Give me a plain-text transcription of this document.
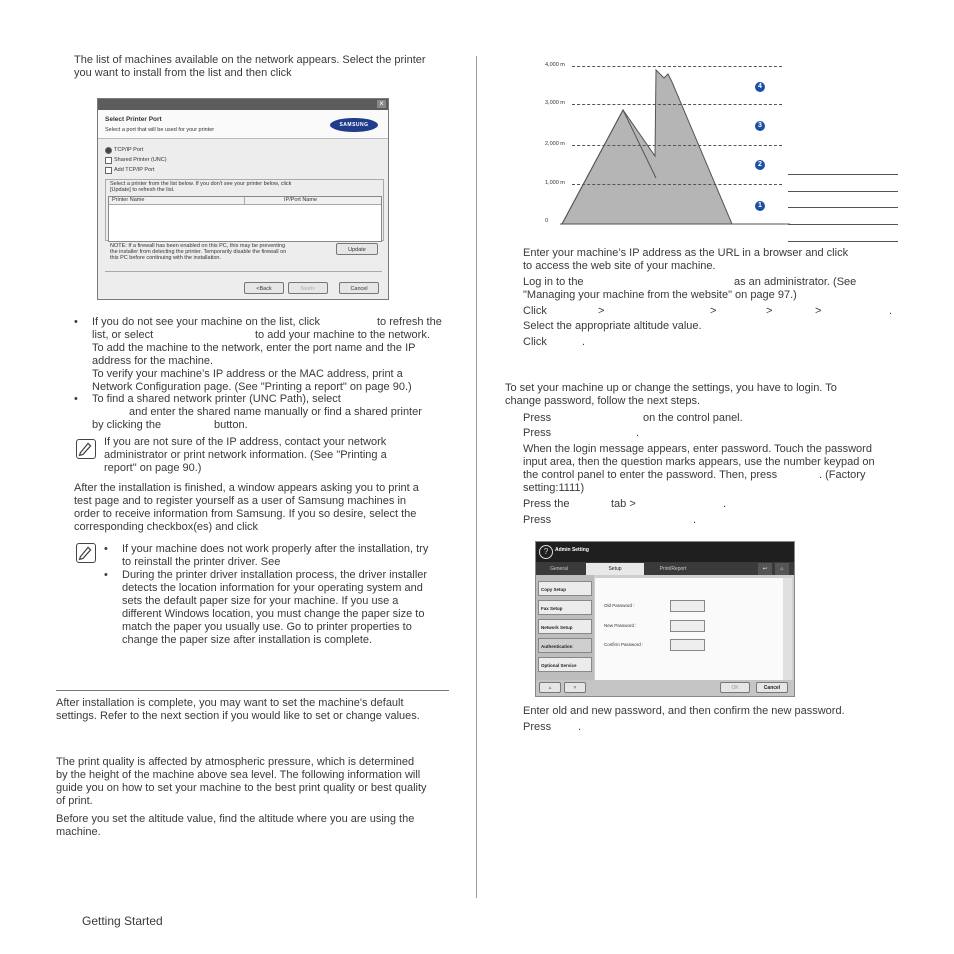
The list of machines available on the network appears. Select the printer
you want to install from the list and then click
×
Select Printer Port
Select a port that will be used for your printer
SAMSUNG
TCP/IP Port
Shared Printer (UNC)
Add TCP/IP Port
Select a printer from the list below. If you don't see your printer below, click
[Update] to refresh the list.
Printer Name	IP/Port Name
NOTE: If a firewall has been enabled on this PC, this may be preventing
the installer from detecting the printer. Temporarily disable the firewall on
this PC before continuing with the installation.
Update
<Back	Next>	Cancel
• If you do not see your machine on the list, click	to refresh the
list, or select	to add your machine to the network.
To add the machine to the network, enter the port name and the IP
address for the machine.
To verify your machine’s IP address or the MAC address, print a
Network Configuration page. (See "Printing a report" on page 90.)
• To find a shared network printer (UNC Path), select
and enter the shared name manually or find a shared printer
by clicking the	button.
If you are not sure of the IP address, contact your network
administrator or print network information. (See "Printing a
report" on page 90.)
After the installation is finished, a window appears asking you to print a
test page and to register yourself as a user of Samsung machines in
order to receive information from Samsung. If you so desire, select the
corresponding checkbox(es) and click
• If your machine does not work properly after the installation, try
to reinstall the printer driver. See
• During the printer driver installation process, the driver installer
detects the location information for your operating system and
sets the default paper size for your machine. If you use a
different Windows location, you must change the paper size to
match the paper you usually use. Go to printer properties to
change the paper size after installation is complete.
After installation is complete, you may want to set the machine's default
settings. Refer to the next section if you would like to set or change values.
The print quality is affected by atmospheric pressure, which is determined
by the height of the machine above sea level. The following information will
guide you on how to set your machine to the best print quality or best quality
of print.
Before you set the altitude value, find the altitude where you are using the
machine.
Getting Started
4,000 m
3,000 m
2,000 m
1,000 m
0
4
3
2
1
Enter your machine’s IP address as the URL in a browser and click
to access the web site of your machine.
Log in to the	as an administrator. (See
"Managing your machine from the website" on page 97.)
Click	>	>	>	>	.
Select the appropriate altitude value.
Click	.
To set your machine up or change the settings, you have to login. To
change password, follow the next steps.
Press	on the control panel.
Press	.
When the login message appears, enter password. Touch the password
input area, then the question marks appears, use the number keypad on
the control panel to enter the password. Then, press	. (Factory
setting:1111)
Press the	tab >	.
Press	.
?	Admin Setting
General	Setup	Print/Report	↩	⌂
Copy Setup
Fax Setup
Network Setup
Authentication
Optional Service
Old Password :
New Password :
Confirm Password :
▲	▼	OK	Cancel
Enter old and new password, and then confirm the new password.
Press .
